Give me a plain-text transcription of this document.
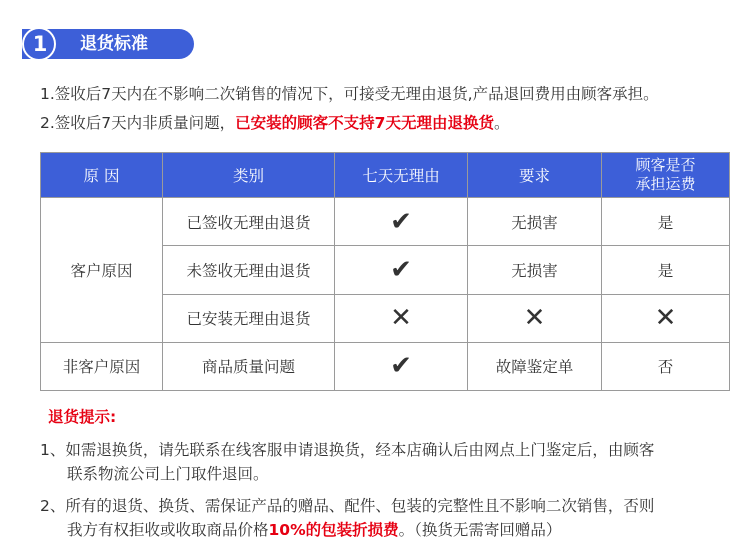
1 退货标准
1.签收后7天内在不影响二次销售的情况下，可接受无理由退货,产品退回费用由顾客承担。
2.签收后7天内非质量问题，已安装的顾客不支持7天无理由退换货。
原 因	类别	七天无理由	要求	顾客是否
承担运费
客户原因	已签收无理由退货	✔	无损害	是
	未签收无理由退货	✔	无损害	是
	已安装无理由退货	✕	✕	✕
非客户原因	商品质量问题	✔	故障鉴定单	否
退货提示:
1、如需退换货，请先联系在线客服申请退换货，经本店确认后由网点上门鉴定后，由顾客
联系物流公司上门取件退回。
2、所有的退货、换货、需保证产品的赠品、配件、包装的完整性且不影响二次销售，否则
我方有权拒收或收取商品价格10%的包装折损费。（换货无需寄回赠品）
